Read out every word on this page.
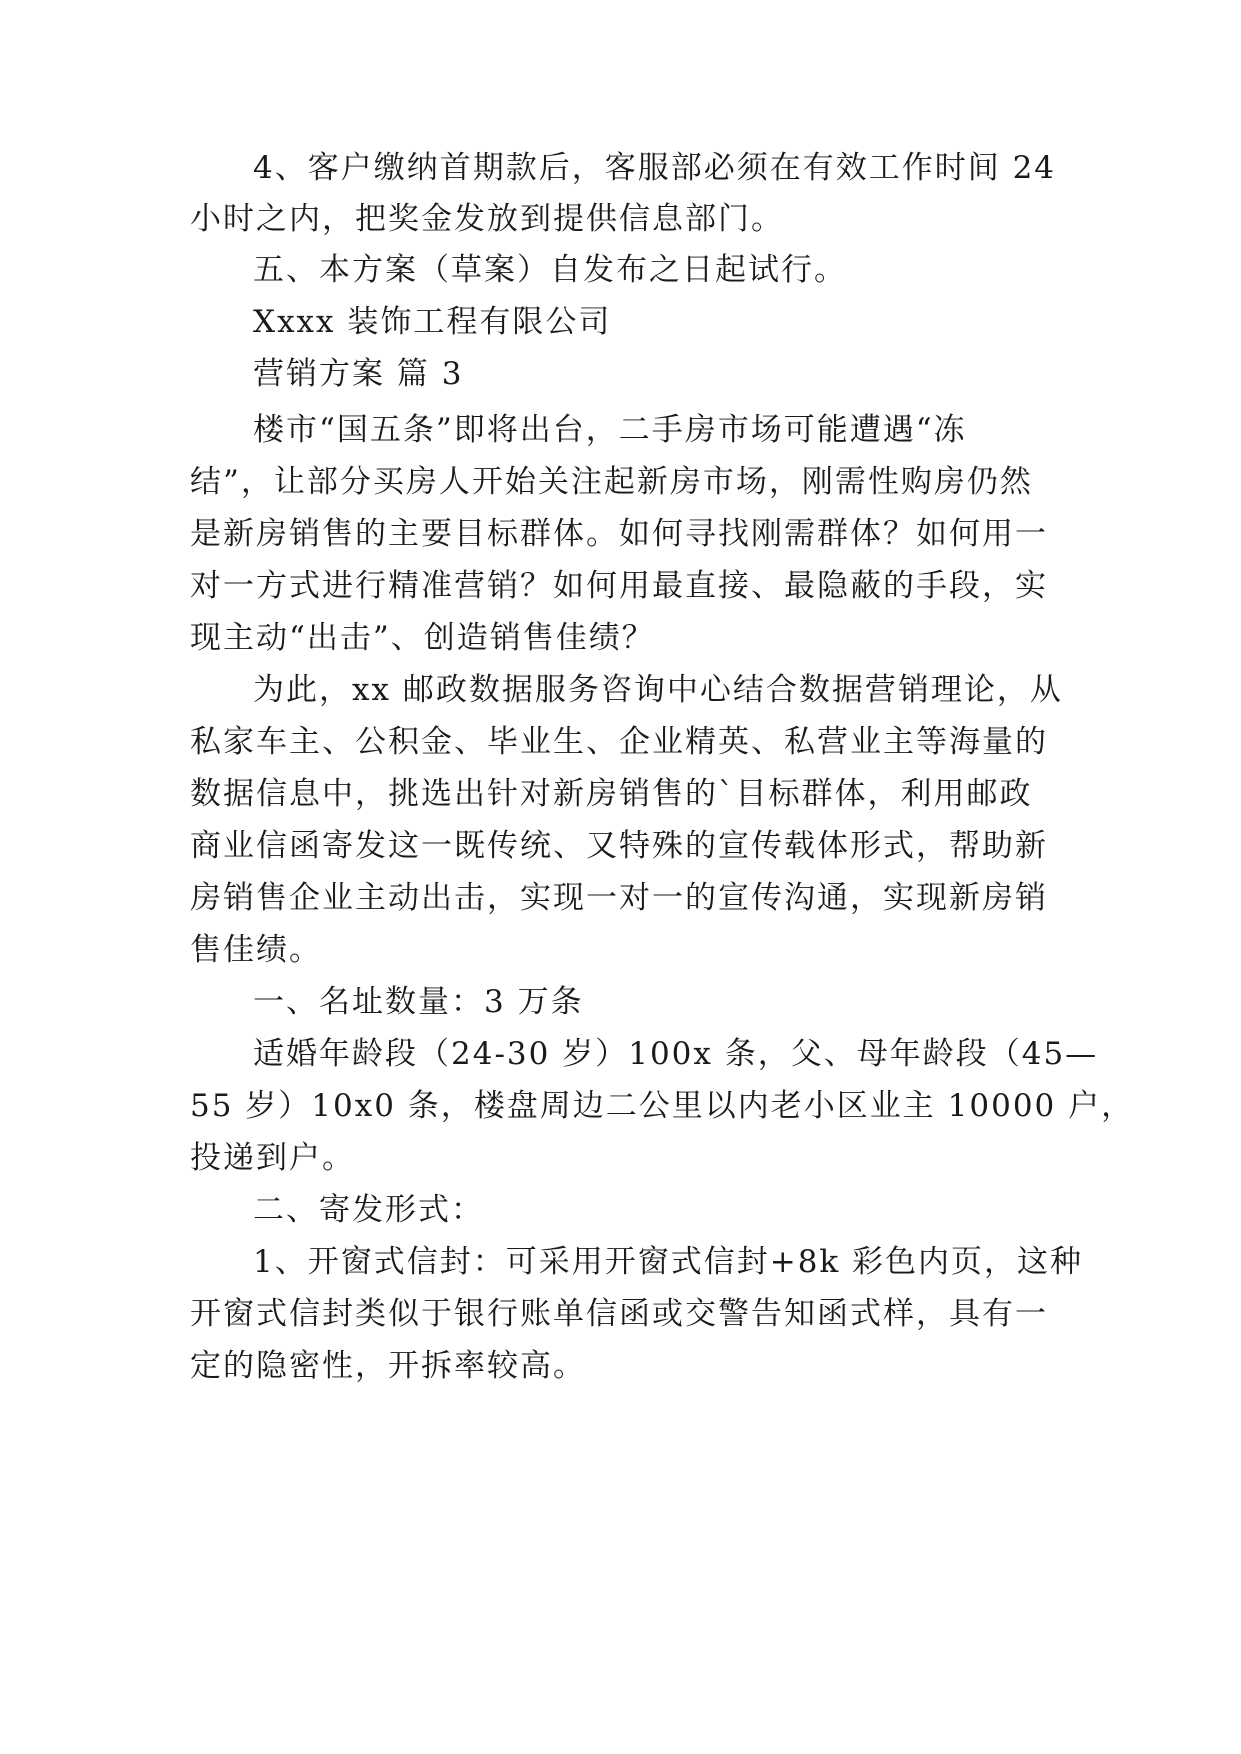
4、客户缴纳首期款后，客服部必须在有效工作时间 24
小时之内，把奖金发放到提供信息部门。
五、本方案（草案）自发布之日起试行。
Xxxx 装饰工程有限公司
营销方案 篇 3
楼市“国五条”即将出台，二手房市场可能遭遇“冻
结”，让部分买房人开始关注起新房市场，刚需性购房仍然
是新房销售的主要目标群体。如何寻找刚需群体？如何用一
对一方式进行精准营销？如何用最直接、最隐蔽的手段，实
现主动“出击”、创造销售佳绩？
为此，xx 邮政数据服务咨询中心结合数据营销理论，从
私家车主、公积金、毕业生、企业精英、私营业主等海量的
数据信息中，挑选出针对新房销售的`目标群体，利用邮政
商业信函寄发这一既传统、又特殊的宣传载体形式，帮助新
房销售企业主动出击，实现一对一的宣传沟通，实现新房销
售佳绩。
一、名址数量：3 万条
适婚年龄段（24-30 岁）100x 条，父、母年龄段（45—
55 岁）10x0 条，楼盘周边二公里以内老小区业主 10000 户，
投递到户。
二、寄发形式：
1、开窗式信封：可采用开窗式信封+8k 彩色内页，这种
开窗式信封类似于银行账单信函或交警告知函式样，具有一
定的隐密性，开拆率较高。
